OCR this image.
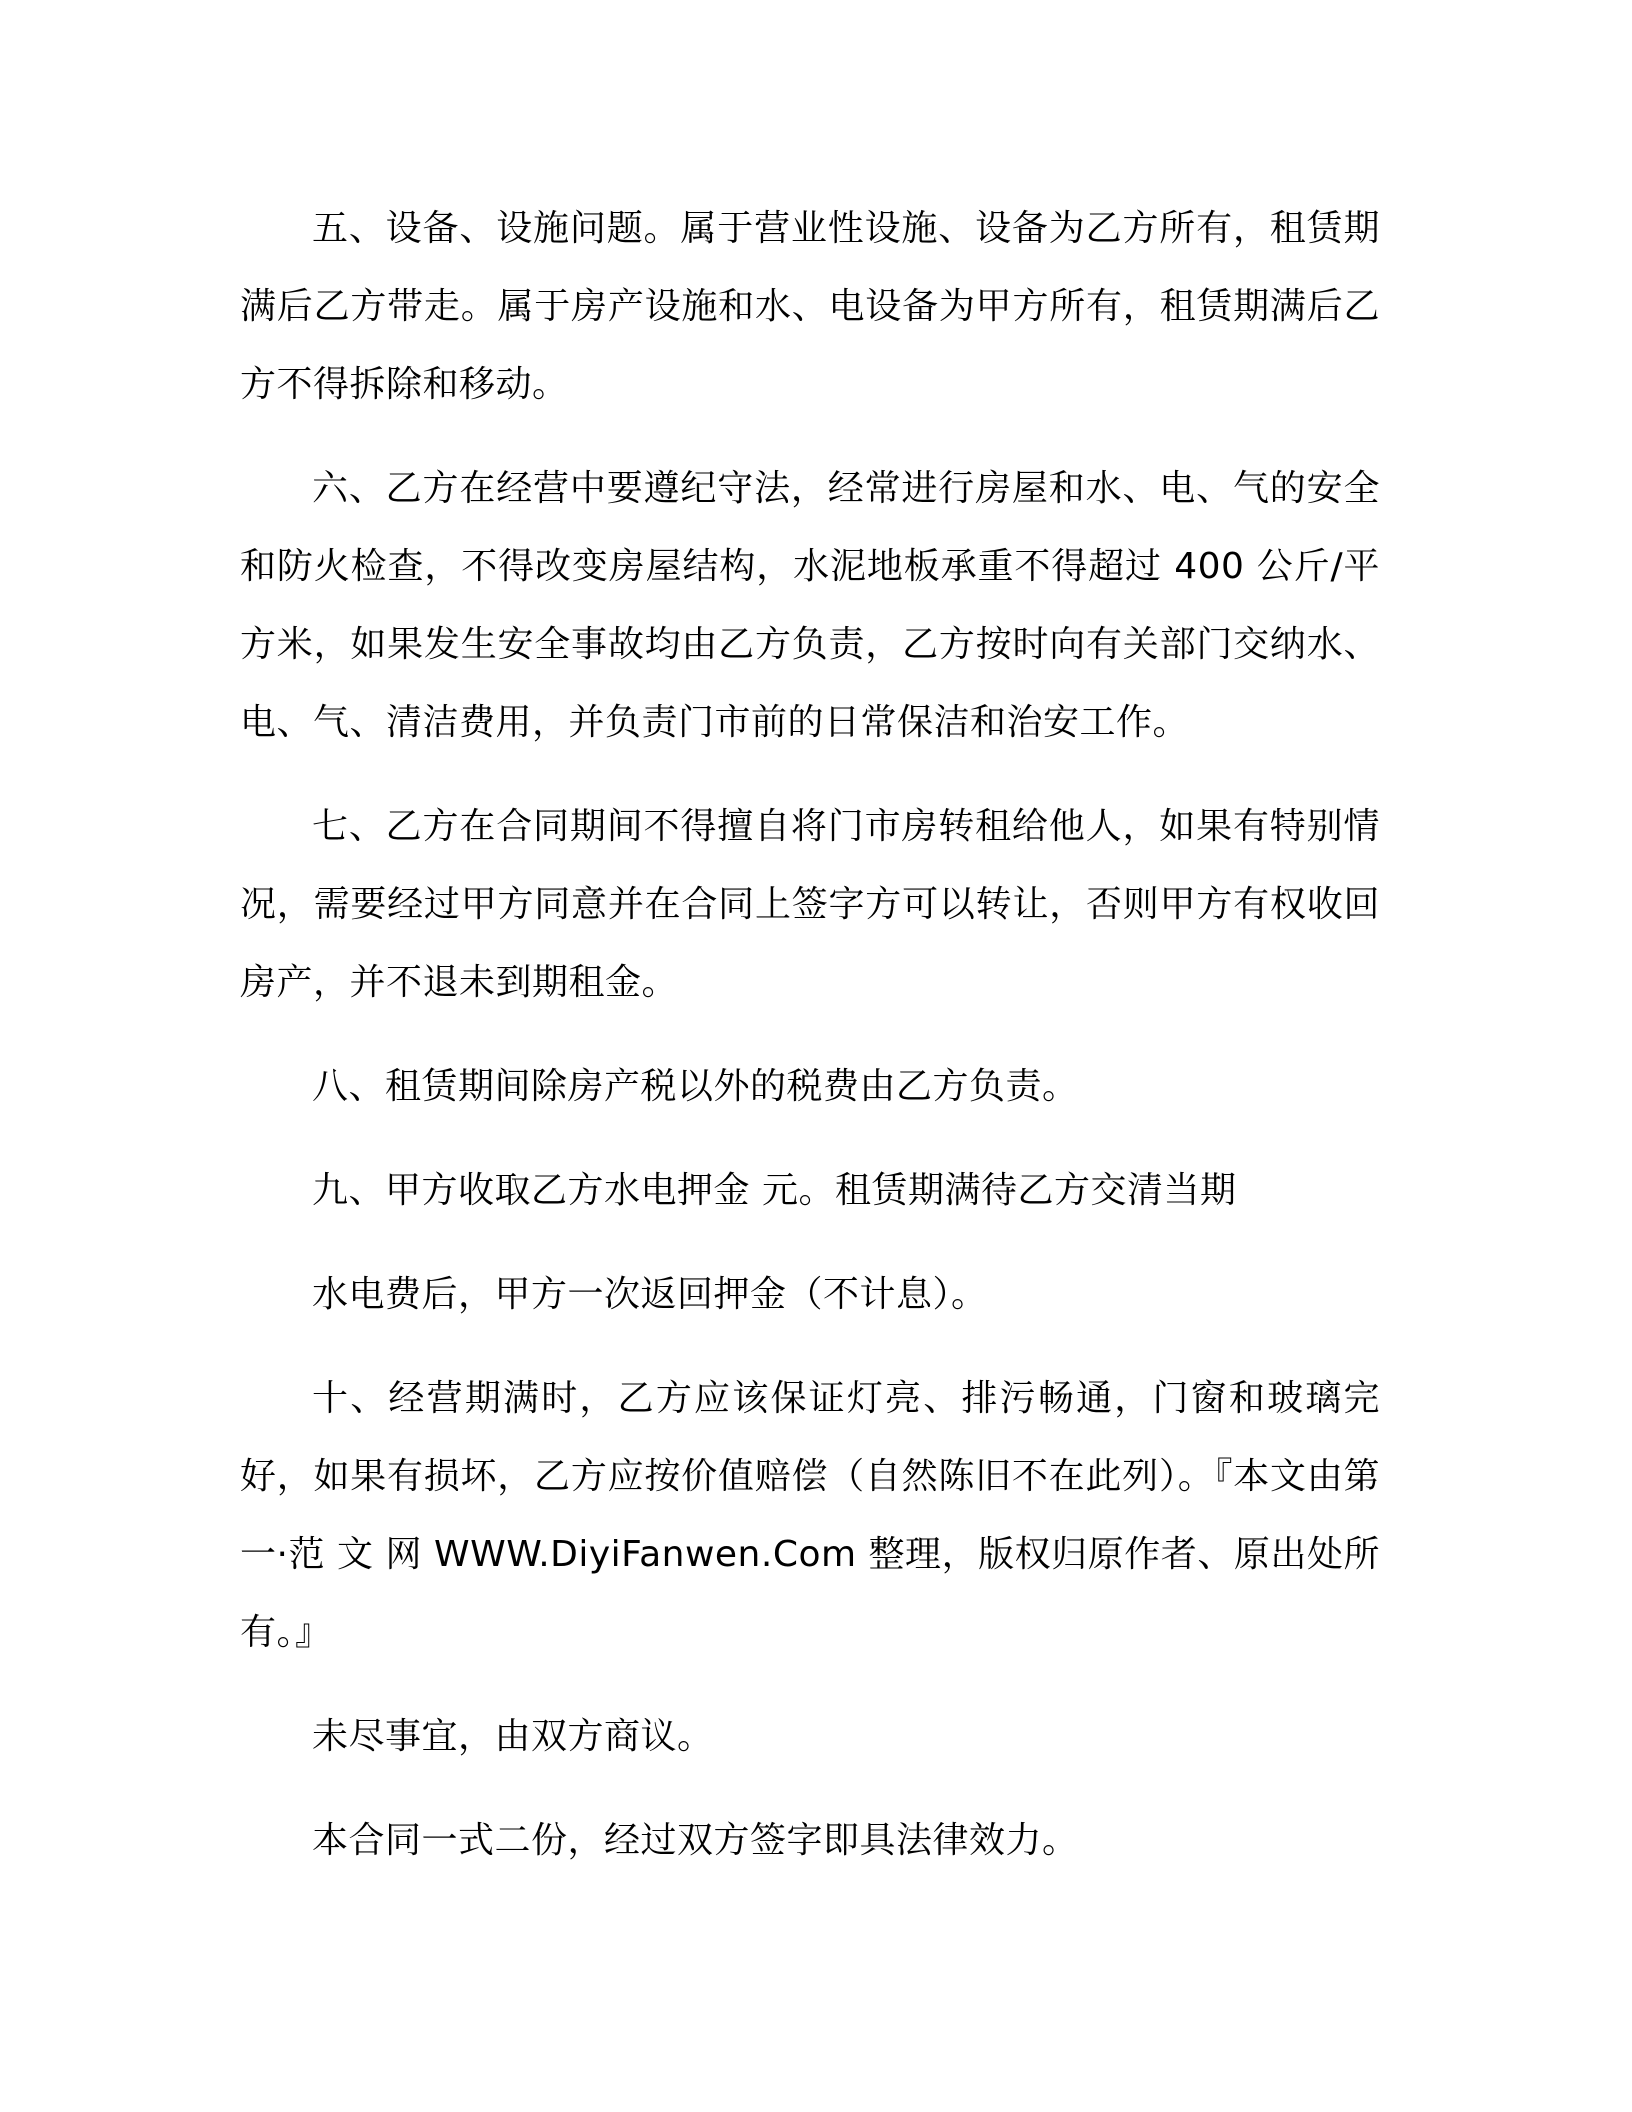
五、设备、设施问题。属于营业性设施、设备为乙方所有，租赁期满后乙方带走。属于房产设施和水、电设备为甲方所有，租赁期满后乙方不得拆除和移动。

六、乙方在经营中要遵纪守法，经常进行房屋和水、电、气的安全和防火检查，不得改变房屋结构，水泥地板承重不得超过 400 公斤/平方米，如果发生安全事故均由乙方负责，乙方按时向有关部门交纳水、电、气、清洁费用，并负责门市前的日常保洁和治安工作。

七、乙方在合同期间不得擅自将门市房转租给他人，如果有特别情况，需要经过甲方同意并在合同上签字方可以转让，否则甲方有权收回房产，并不退未到期租金。

八、租赁期间除房产税以外的税费由乙方负责。

九、甲方收取乙方水电押金 元。租赁期满待乙方交清当期

水电费后，甲方一次返回押金（不计息）。

十、经营期满时，乙方应该保证灯亮、排污畅通，门窗和玻璃完好，如果有损坏，乙方应按价值赔偿（自然陈旧不在此列）。『本文由第 一·范 文 网 WWW.DiyiFanwen.Com 整理，版权归原作者、原出处所有。』

未尽事宜，由双方商议。

本合同一式二份，经过双方签字即具法律效力。
